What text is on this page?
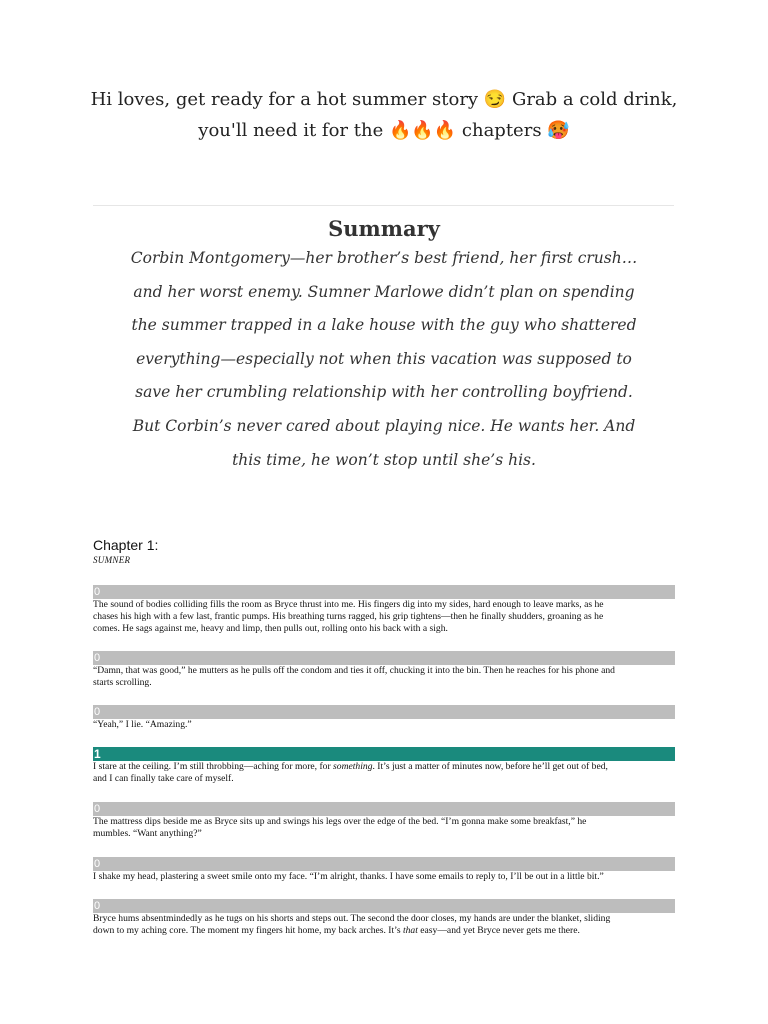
Hi loves, get ready for a hot summer story 😏 Grab a cold drink,
you'll need it for the 🔥🔥🔥 chapters 🥵
Summary
Corbin Montgomery—her brother’s best friend, her first crush…
and her worst enemy. Sumner Marlowe didn’t plan on spending
the summer trapped in a lake house with the guy who shattered
everything—especially not when this vacation was supposed to
save her crumbling relationship with her controlling boyfriend.
But Corbin’s never cared about playing nice. He wants her. And
this time, he won’t stop until she’s his.
Chapter 1:
SUMNER
0
The sound of bodies colliding fills the room as Bryce thrust into me. His fingers dig into my sides, hard enough to leave marks, as he
chases his high with a few last, frantic pumps. His breathing turns ragged, his grip tightens—then he finally shudders, groaning as he
comes. He sags against me, heavy and limp, then pulls out, rolling onto his back with a sigh.
0
“Damn, that was good,” he mutters as he pulls off the condom and ties it off, chucking it into the bin. Then he reaches for his phone and
starts scrolling.
0
“Yeah,” I lie. “Amazing.”
1
I stare at the ceiling. I’m still throbbing—aching for more, for something. It’s just a matter of minutes now, before he’ll get out of bed,
and I can finally take care of myself.
0
The mattress dips beside me as Bryce sits up and swings his legs over the edge of the bed. “I’m gonna make some breakfast,” he
mumbles. “Want anything?”
0
I shake my head, plastering a sweet smile onto my face. “I’m alright, thanks. I have some emails to reply to, I’ll be out in a little bit.”
0
Bryce hums absentmindedly as he tugs on his shorts and steps out. The second the door closes, my hands are under the blanket, sliding
down to my aching core. The moment my fingers hit home, my back arches. It’s that easy—and yet Bryce never gets me there.
